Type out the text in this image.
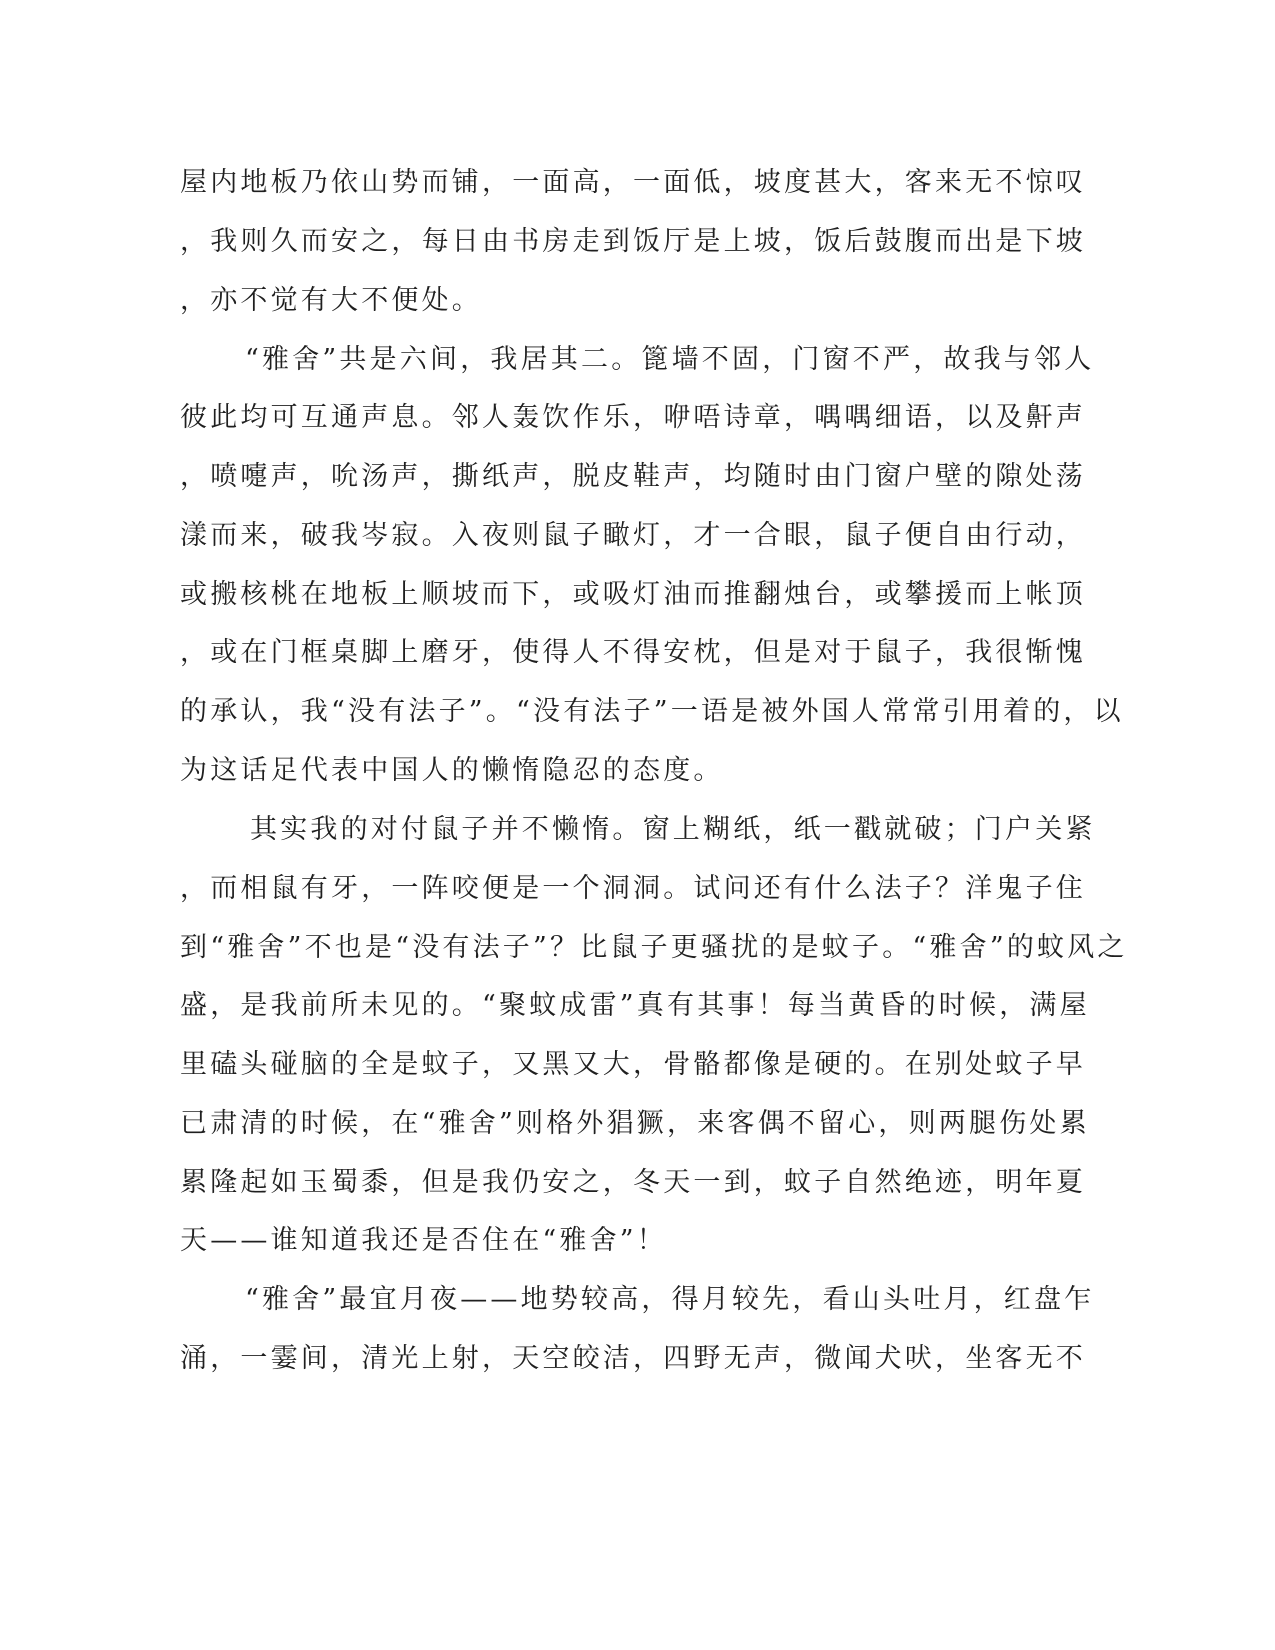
屋内地板乃依山势而铺，一面高，一面低，坡度甚大，客来无不惊叹
，我则久而安之，每日由书房走到饭厅是上坡，饭后鼓腹而出是下坡
，亦不觉有大不便处。
“雅舍”共是六间，我居其二。篦墙不固，门窗不严，故我与邻人
彼此均可互通声息。邻人轰饮作乐，咿唔诗章，喁喁细语，以及鼾声
，喷嚏声，吮汤声，撕纸声，脱皮鞋声，均随时由门窗户壁的隙处荡
漾而来，破我岑寂。入夜则鼠子瞰灯，才一合眼，鼠子便自由行动，
或搬核桃在地板上顺坡而下，或吸灯油而推翻烛台，或攀援而上帐顶
，或在门框桌脚上磨牙，使得人不得安枕，但是对于鼠子，我很惭愧
的承认，我“没有法子”。“没有法子”一语是被外国人常常引用着的，以
为这话足代表中国人的懒惰隐忍的态度。
其实我的对付鼠子并不懒惰。窗上糊纸，纸一戳就破；门户关紧
，而相鼠有牙，一阵咬便是一个洞洞。试问还有什么法子？洋鬼子住
到“雅舍”不也是“没有法子”？比鼠子更骚扰的是蚊子。“雅舍”的蚊风之
盛，是我前所未见的。“聚蚊成雷”真有其事！每当黄昏的时候，满屋
里磕头碰脑的全是蚊子，又黑又大，骨骼都像是硬的。在别处蚊子早
已肃清的时候，在“雅舍”则格外猖獗，来客偶不留心，则两腿伤处累
累隆起如玉蜀黍，但是我仍安之，冬天一到，蚊子自然绝迹，明年夏
天——谁知道我还是否住在“雅舍”！
“雅舍”最宜月夜——地势较高，得月较先，看山头吐月，红盘乍
涌，一霎间，清光上射，天空皎洁，四野无声，微闻犬吠，坐客无不
